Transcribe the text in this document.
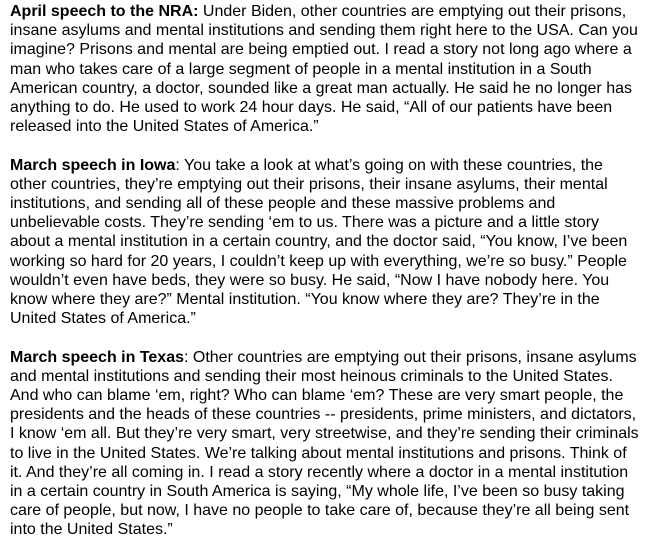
April speech to the NRA: Under Biden, other countries are emptying out their prisons, insane asylums and mental institutions and sending them right here to the USA. Can you imagine? Prisons and mental are being emptied out. I read a story not long ago where a man who takes care of a large segment of people in a mental institution in a South American country, a doctor, sounded like a great man actually. He said he no longer has anything to do. He used to work 24 hour days. He said, “All of our patients have been released into the United States of America.”

March speech in Iowa: You take a look at what’s going on with these countries, the other countries, they’re emptying out their prisons, their insane asylums, their mental institutions, and sending all of these people and these massive problems and unbelievable costs. They’re sending ‘em to us. There was a picture and a little story about a mental institution in a certain country, and the doctor said, “You know, I’ve been working so hard for 20 years, I couldn’t keep up with everything, we’re so busy.” People wouldn’t even have beds, they were so busy. He said, “Now I have nobody here. You know where they are?” Mental institution. “You know where they are? They’re in the United States of America.”

March speech in Texas: Other countries are emptying out their prisons, insane asylums and mental institutions and sending their most heinous criminals to the United States. And who can blame ‘em, right? Who can blame ‘em? These are very smart people, the presidents and the heads of these countries -- presidents, prime ministers, and dictators, I know ‘em all. But they’re very smart, very streetwise, and they’re sending their criminals to live in the United States. We’re talking about mental institutions and prisons. Think of it. And they’re all coming in. I read a story recently where a doctor in a mental institution in a certain country in South America is saying, “My whole life, I’ve been so busy taking care of people, but now, I have no people to take care of, because they’re all being sent into the United States.”
